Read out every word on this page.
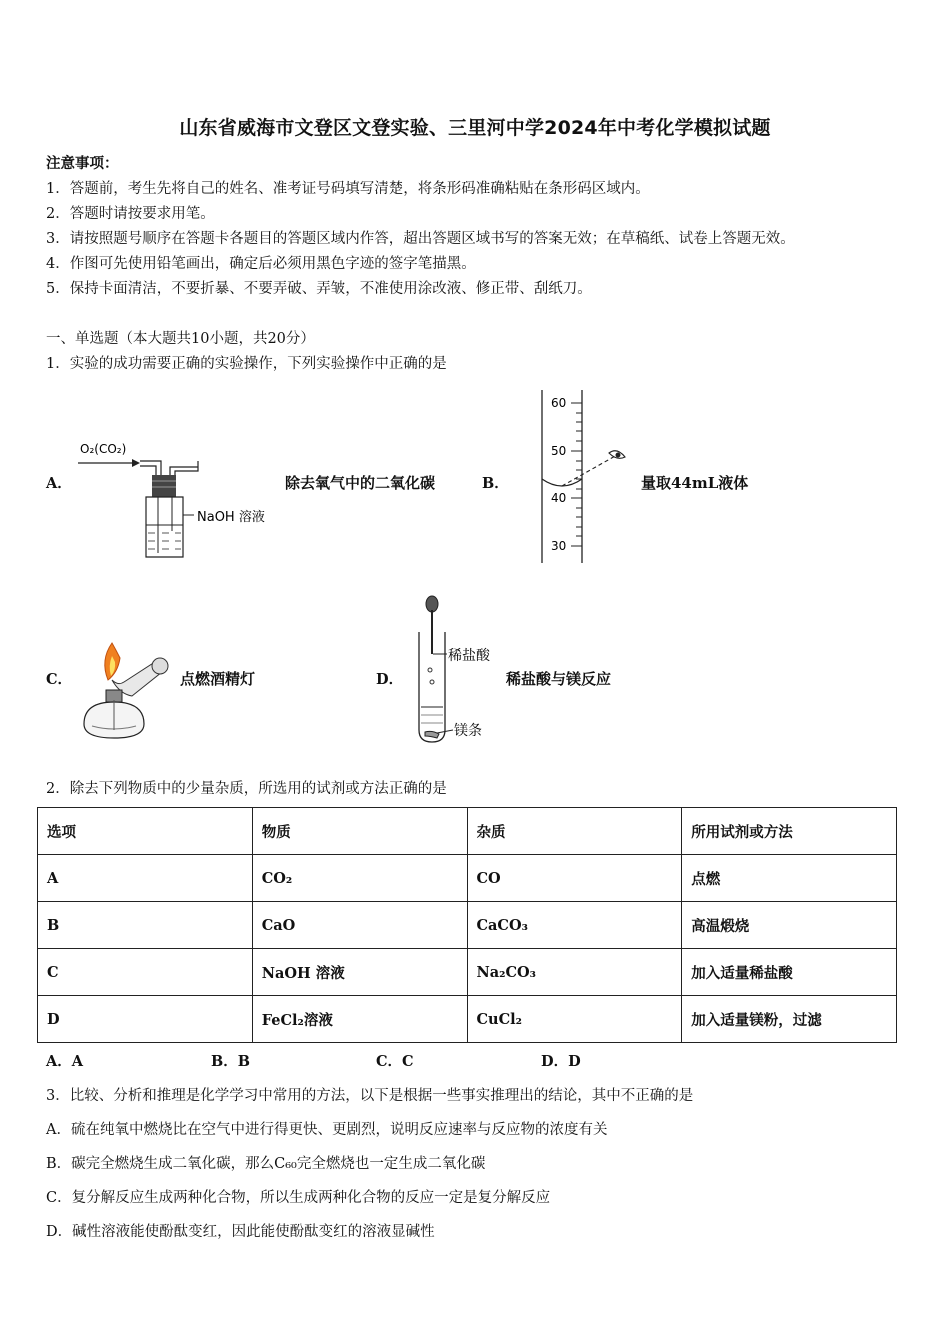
山东省威海市文登区文登实验、三里河中学2024年中考化学模拟试题
注意事项：
1．答题前，考生先将自己的姓名、准考证号码填写清楚，将条形码准确粘贴在条形码区域内。
2．答题时请按要求用笔。
3．请按照题号顺序在答题卡各题目的答题区域内作答，超出答题区域书写的答案无效；在草稿纸、试卷上答题无效。
4．作图可先使用铅笔画出，确定后必须用黑色字迹的签字笔描黑。
5．保持卡面清洁，不要折暴、不要弄破、弄皱，不准使用涂改液、修正带、刮纸刀。
一、单选题（本大题共10小题，共20分）
1．实验的成功需要正确的实验操作，下列实验操作中正确的是
A．
O₂(CO₂)
NaOH 溶液
除去氧气中的二氧化碳	B．
60
50
40
30
量取44mL液体
C．	点燃酒精灯	D．
稀盐酸
镁条
稀盐酸与镁反应
2．除去下列物质中的少量杂质，所选用的试剂或方法正确的是
选项	物质	杂质	所用试剂或方法
A	CO₂	CO	点燃
B	CaO	CaCO₃	高温煅烧
C	NaOH 溶液	Na₂CO₃	加入适量稀盐酸
D	FeCl₂溶液	CuCl₂	加入适量镁粉，过滤
A．A	B．B	C．C	D．D
3．比较、分析和推理是化学学习中常用的方法，以下是根据一些事实推理出的结论，其中不正确的是
A．硫在纯氧中燃烧比在空气中进行得更快、更剧烈，说明反应速率与反应物的浓度有关
B．碳完全燃烧生成二氧化碳，那么C₆₀完全燃烧也一定生成二氧化碳
C．复分解反应生成两种化合物，所以生成两种化合物的反应一定是复分解反应
D．碱性溶液能使酚酞变红，因此能使酚酞变红的溶液显碱性
